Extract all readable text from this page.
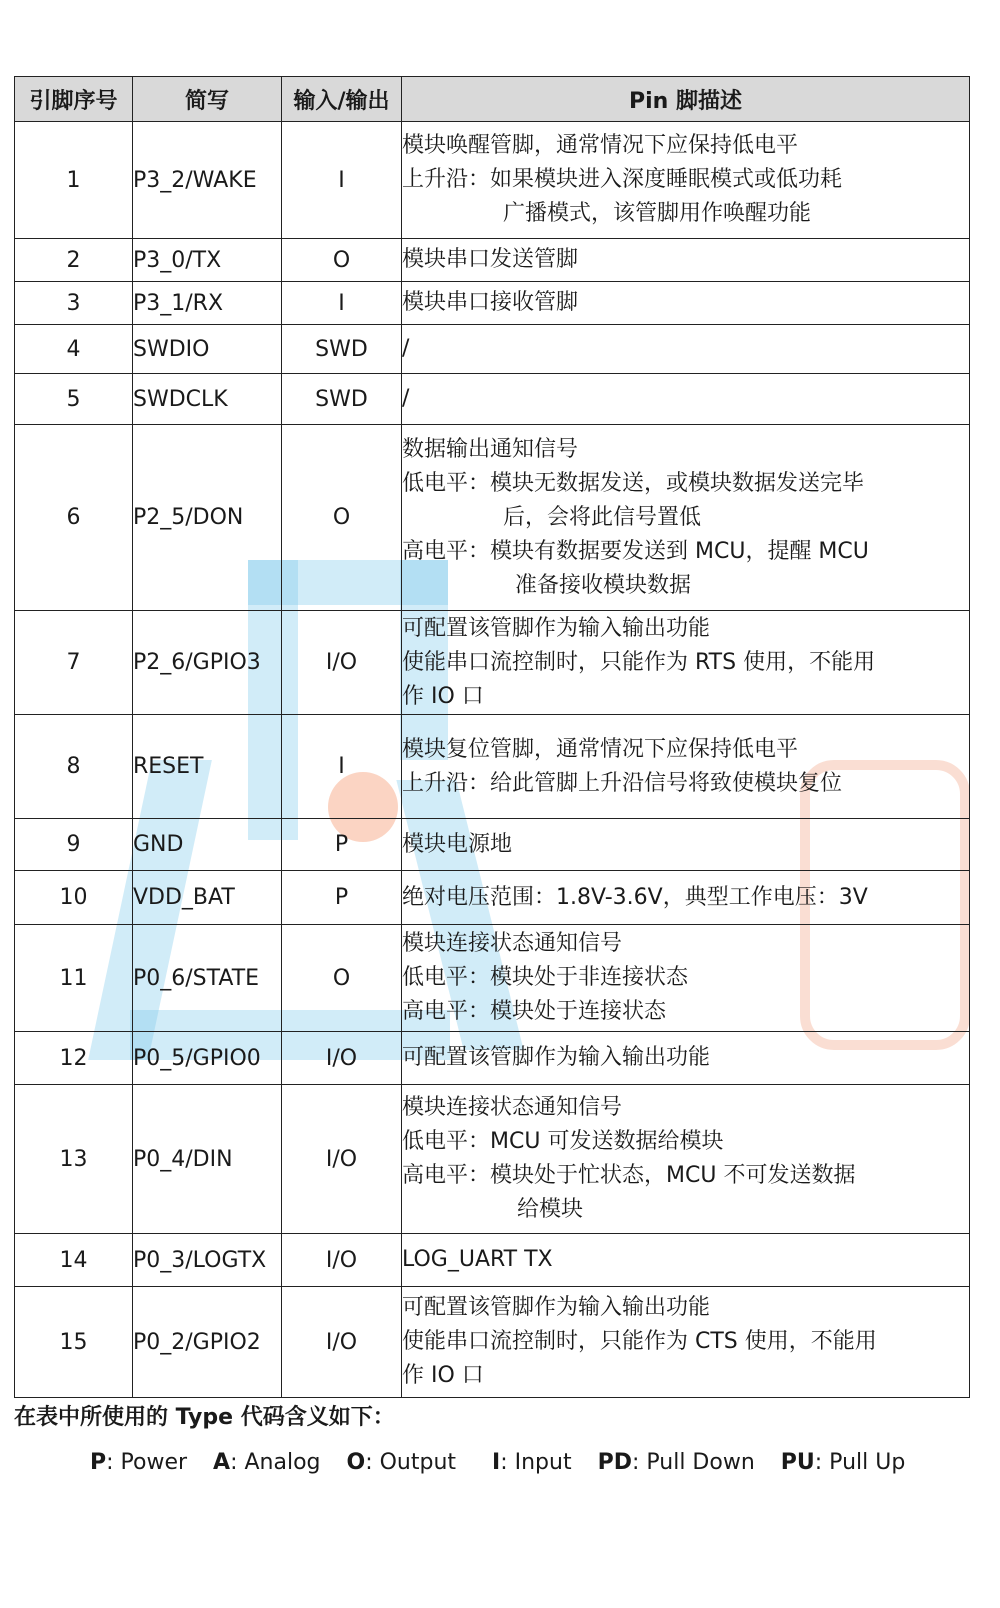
引脚序号	简写	输入/输出	Pin 脚描述
1	P3_2/WAKE	I	模块唤醒管脚，通常情况下应保持低电平
上升沿：如果模块进入深度睡眠模式或低功耗
广播模式，该管脚用作唤醒功能

2	P3_0/TX	O	模块串口发送管脚

3	P3_1/RX	I	模块串口接收管脚

4	SWDIO	SWD	/

5	SWDCLK	SWD	/

6	P2_5/DON	O	数据输出通知信号
低电平：模块无数据发送，或模块数据发送完毕
后，会将此信号置低
高电平：模块有数据要发送到 MCU，提醒 MCU
准备接收模块数据

7	P2_6/GPIO3	I/O	可配置该管脚作为输入输出功能
使能串口流控制时，只能作为 RTS 使用，不能用
作 IO 口

8	RESET	I	模块复位管脚，通常情况下应保持低电平
上升沿：给此管脚上升沿信号将致使模块复位

9	GND	P	模块电源地

10	VDD_BAT	P	绝对电压范围：1.8V-3.6V，典型工作电压：3V

11	P0_6/STATE	O	模块连接状态通知信号
低电平：模块处于非连接状态
高电平：模块处于连接状态

12	P0_5/GPIO0	I/O	可配置该管脚作为输入输出功能

13	P0_4/DIN	I/O	模块连接状态通知信号
低电平：MCU 可发送数据给模块
高电平：模块处于忙状态，MCU 不可发送数据
给模块

14	P0_3/LOGTX	I/O	LOG_UART TX

15	P0_2/GPIO2	I/O	可配置该管脚作为输入输出功能
使能串口流控制时，只能作为 CTS 使用，不能用
作 IO 口
在表中所使用的 Type 代码含义如下：
P: Power A: Analog O: Output I: Input PD: Pull Down PU: Pull Up
